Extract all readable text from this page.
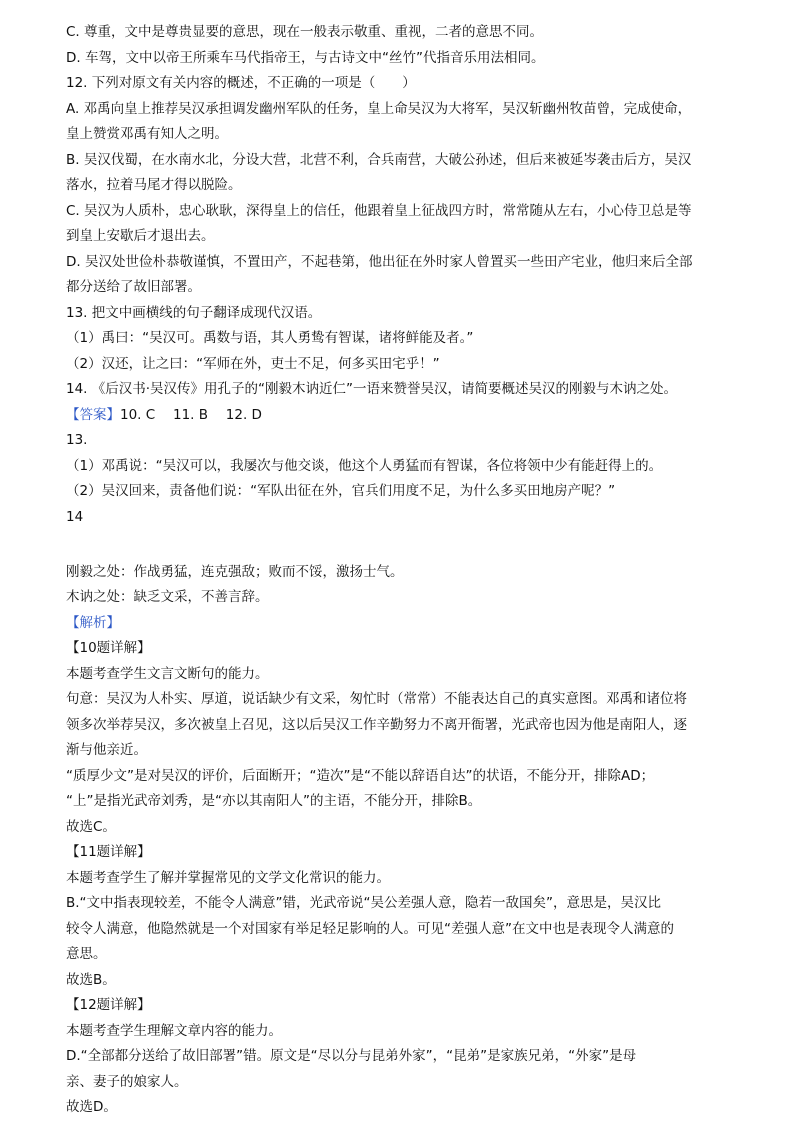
C. 尊重，文中是尊贵显要的意思，现在一般表示敬重、重视，二者的意思不同。
D. 车驾，文中以帝王所乘车马代指帝王，与古诗文中“丝竹”代指音乐用法相同。
12. 下列对原文有关内容的概述，不正确的一项是（　　）
A. 邓禹向皇上推荐吴汉承担调发幽州军队的任务，皇上命吴汉为大将军，吴汉斩幽州牧苗曾，完成使命，
皇上赞赏邓禹有知人之明。
B. 吴汉伐蜀，在水南水北，分设大营，北营不利，合兵南营，大破公孙述，但后来被延岑袭击后方，吴汉
落水，拉着马尾才得以脱险。
C. 吴汉为人质朴，忠心耿耿，深得皇上的信任，他跟着皇上征战四方时，常常随从左右，小心侍卫总是等
到皇上安歇后才退出去。
D. 吴汉处世俭朴恭敬谨慎，不置田产，不起巷第，他出征在外时家人曾置买一些田产宅业，他归来后全部
都分送给了故旧部署。
13. 把文中画横线的句子翻译成现代汉语。
（1）禹曰：“吴汉可。禹数与语，其人勇鸷有智谋，诸将鲜能及者。”
（2）汉还，让之曰：“军师在外，吏士不足，何多买田宅乎！”
14. 《后汉书·吴汉传》用孔子的“刚毅木讷近仁”一语来赞誉吴汉，请简要概述吴汉的刚毅与木讷之处。
【答案】10. C　 11. B　 12. D
13.
（1）邓禹说：“吴汉可以，我屡次与他交谈，他这个人勇猛而有智谋，各位将领中少有能赶得上的。
（2）吴汉回来，责备他们说：“军队出征在外，官兵们用度不足，为什么多买田地房产呢？”
14
刚毅之处：作战勇猛，连克强敌；败而不馁，激扬士气。
木讷之处：缺乏文采，不善言辞。
【解析】
【10题详解】
本题考查学生文言文断句的能力。
句意：吴汉为人朴实、厚道，说话缺少有文采，匆忙时（常常）不能表达自己的真实意图。邓禹和诸位将
领多次举荐吴汉，多次被皇上召见，这以后吴汉工作辛勤努力不离开衙署，光武帝也因为他是南阳人，逐
渐与他亲近。
“质厚少文”是对吴汉的评价，后面断开；“造次”是“不能以辞语自达”的状语，不能分开，排除AD；
“上”是指光武帝刘秀，是“亦以其南阳人”的主语，不能分开，排除B。
故选C。
【11题详解】
本题考查学生了解并掌握常见的文学文化常识的能力。
B.“文中指表现较差，不能令人满意”错，光武帝说“吴公差强人意，隐若一敌国矣”，意思是，吴汉比
较令人满意，他隐然就是一个对国家有举足轻足影响的人。可见“差强人意”在文中也是表现令人满意的
意思。
故选B。
【12题详解】
本题考查学生理解文章内容的能力。
D.“全部都分送给了故旧部署”错。原文是“尽以分与昆弟外家”，“昆弟”是家族兄弟，“外家”是母
亲、妻子的娘家人。
故选D。
